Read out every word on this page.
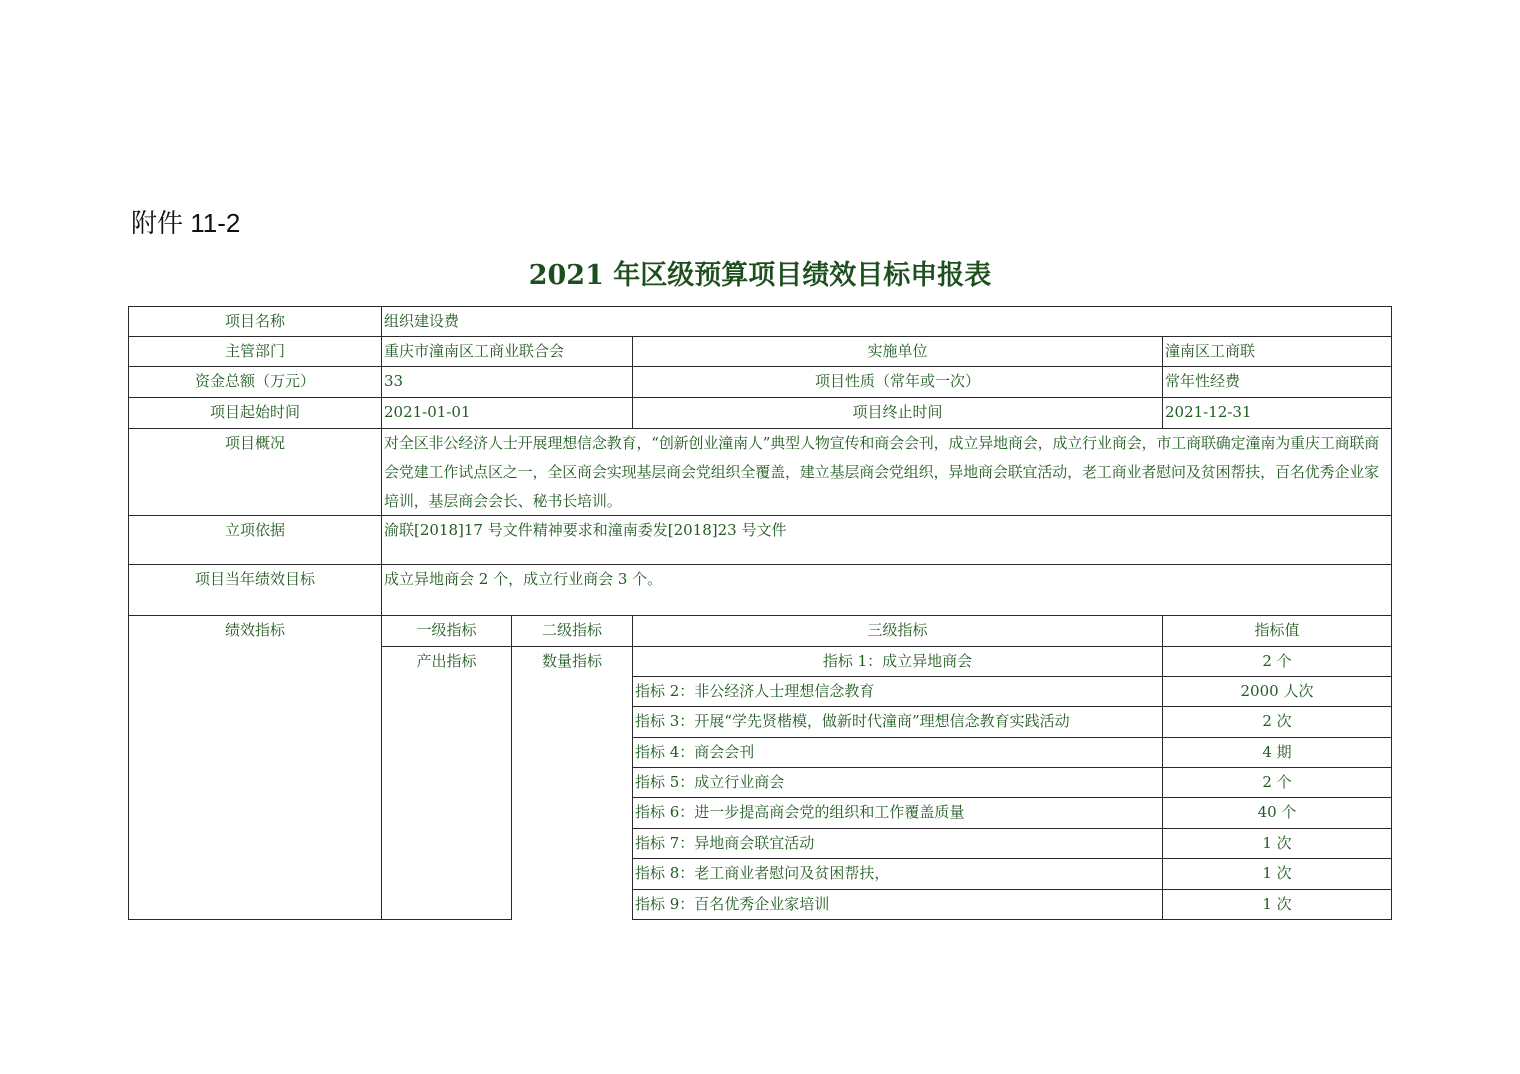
附件 11-2
2021 年区级预算项目绩效目标申报表
项目名称	组织建设费
主管部门	重庆市潼南区工商业联合会	实施单位	潼南区工商联
资金总额（万元）	33	项目性质（常年或一次）	常年性经费
项目起始时间	2021-01-01	项目终止时间	2021-12-31
项目概况	对全区非公经济人士开展理想信念教育，“创新创业潼南人”典型人物宣传和商会会刊，成立异地商会，成立行业商会，市工商联确定潼南为重庆工商联商会党建工作试点区之一，全区商会实现基层商会党组织全覆盖，建立基层商会党组织，异地商会联宜活动，老工商业者慰问及贫困帮扶，百名优秀企业家培训，基层商会会长、秘书长培训。
立项依据	渝联[2018]17 号文件精神要求和潼南委发[2018]23 号文件
项目当年绩效目标	成立异地商会 2 个，成立行业商会 3 个。
绩效指标	一级指标	二级指标	三级指标	指标值
产出指标	数量指标	指标 1：成立异地商会	2 个
指标 2：非公经济人士理想信念教育	2000 人次
指标 3：开展“学先贤楷模，做新时代潼商”理想信念教育实践活动	2 次
指标 4：商会会刊	4 期
指标 5：成立行业商会	2 个
指标 6：进一步提高商会党的组织和工作覆盖质量	40 个
指标 7：异地商会联宜活动	1 次
指标 8：老工商业者慰问及贫困帮扶，	1 次
指标 9：百名优秀企业家培训	1 次
